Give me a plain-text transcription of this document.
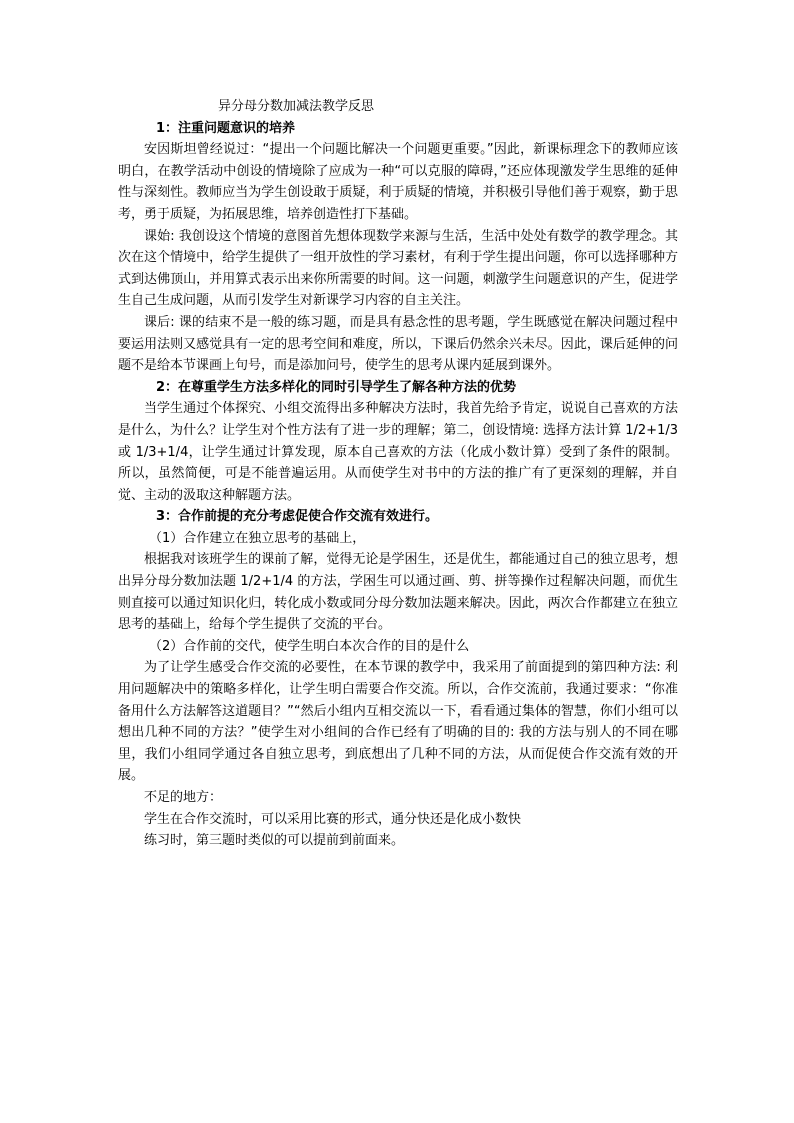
异分母分数加减法教学反思

1：注重问题意识的培养

安因斯坦曾经说过：“提出一个问题比解决一个问题更重要。”因此，新课标理念下的教师应该明白，在教学活动中创设的情境除了应成为一种“可以克服的障碍，”还应体现激发学生思维的延伸性与深刻性。教师应当为学生创设敢于质疑，利于质疑的情境，并积极引导他们善于观察，勤于思考，勇于质疑，为拓展思维，培养创造性打下基础。

课始: 我创设这个情境的意图首先想体现数学来源与生活，生活中处处有数学的教学理念。其次在这个情境中，给学生提供了一组开放性的学习素材，有利于学生提出问题，你可以选择哪种方式到达佛顶山，并用算式表示出来你所需要的时间。这一问题，刺激学生问题意识的产生，促进学生自己生成问题，从而引发学生对新课学习内容的自主关注。

课后: 课的结束不是一般的练习题，而是具有悬念性的思考题，学生既感觉在解决问题过程中要运用法则又感觉具有一定的思考空间和难度，所以，下课后仍然余兴未尽。因此，课后延伸的问题不是给本节课画上句号，而是添加问号，使学生的思考从课内延展到课外。

2：在尊重学生方法多样化的同时引导学生了解各种方法的优势

当学生通过个体探究、小组交流得出多种解决方法时，我首先给予肯定，说说自己喜欢的方法是什么，为什么？让学生对个性方法有了进一步的理解；第二，创设情境: 选择方法计算 1/2+1/3 或 1/3+1/4，让学生通过计算发现，原本自己喜欢的方法（化成小数计算）受到了条件的限制。所以，虽然简便，可是不能普遍运用。从而使学生对书中的方法的推广有了更深刻的理解，并自觉、主动的汲取这种解题方法。

3：合作前提的充分考虑促使合作交流有效进行。

（1）合作建立在独立思考的基础上，

根据我对该班学生的课前了解，觉得无论是学困生，还是优生，都能通过自己的独立思考，想出异分母分数加法题 1/2+1/4 的方法，学困生可以通过画、剪、拼等操作过程解决问题，而优生则直接可以通过知识化归，转化成小数或同分母分数加法题来解决。因此，两次合作都建立在独立思考的基础上，给每个学生提供了交流的平台。

（2）合作前的交代，使学生明白本次合作的目的是什么

为了让学生感受合作交流的必要性，在本节课的教学中，我采用了前面提到的第四种方法: 利用问题解决中的策略多样化，让学生明白需要合作交流。所以，合作交流前，我通过要求：“你准备用什么方法解答这道题目？”“然后小组内互相交流以一下，看看通过集体的智慧，你们小组可以想出几种不同的方法？”使学生对小组间的合作已经有了明确的目的: 我的方法与别人的不同在哪里，我们小组同学通过各自独立思考，到底想出了几种不同的方法，从而促使合作交流有效的开展。

不足的地方：

学生在合作交流时，可以采用比赛的形式，通分快还是化成小数快

练习时，第三题时类似的可以提前到前面来。
